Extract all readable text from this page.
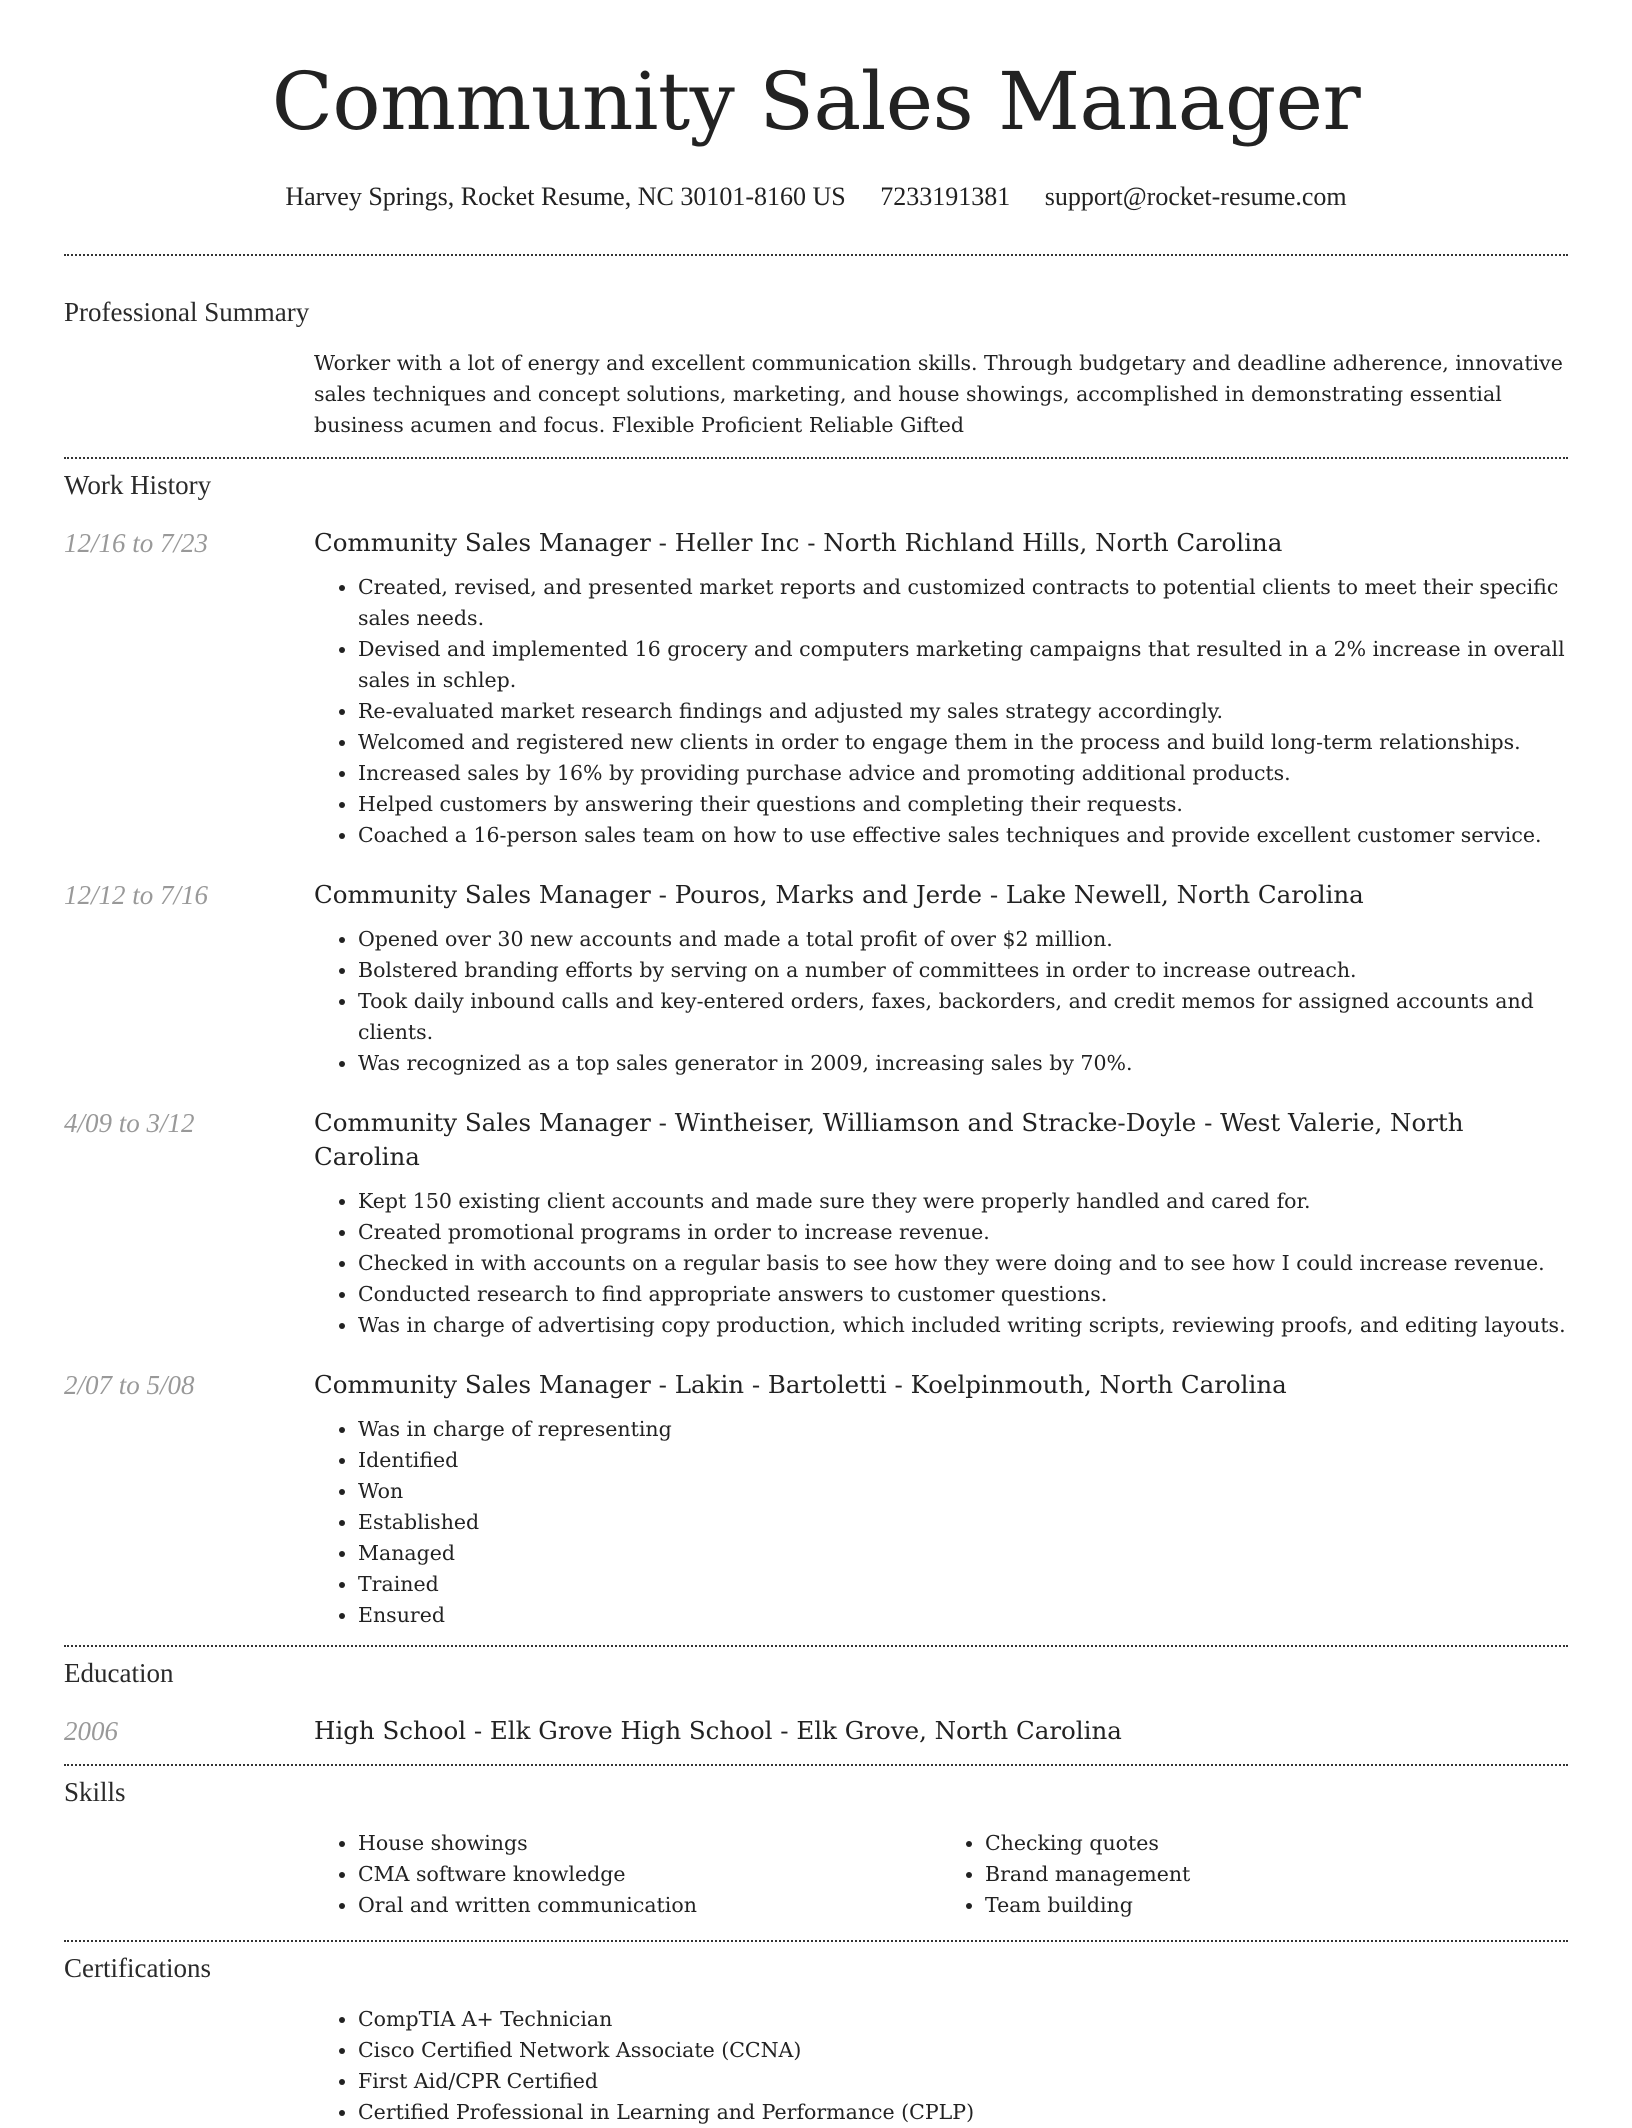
Community Sales Manager
Harvey Springs, Rocket Resume, NC 30101-8160 US 7233191381 support@rocket-resume.com
Professional Summary
Worker with a lot of energy and excellent communication skills. Through budgetary and deadline adherence, innovative sales techniques and concept solutions, marketing, and house showings, accomplished in demonstrating essential business acumen and focus. Flexible Proficient Reliable Gifted
Work History
12/16 to 7/23	Community Sales Manager - Heller Inc - North Richland Hills, North Carolina
• Created, revised, and presented market reports and customized contracts to potential clients to meet their specific sales needs.
• Devised and implemented 16 grocery and computers marketing campaigns that resulted in a 2% increase in overall sales in schlep.
• Re-evaluated market research findings and adjusted my sales strategy accordingly.
• Welcomed and registered new clients in order to engage them in the process and build long-term relationships.
• Increased sales by 16% by providing purchase advice and promoting additional products.
• Helped customers by answering their questions and completing their requests.
• Coached a 16-person sales team on how to use effective sales techniques and provide excellent customer service.
12/12 to 7/16	Community Sales Manager - Pouros, Marks and Jerde - Lake Newell, North Carolina
• Opened over 30 new accounts and made a total profit of over $2 million.
• Bolstered branding efforts by serving on a number of committees in order to increase outreach.
• Took daily inbound calls and key-entered orders, faxes, backorders, and credit memos for assigned accounts and clients.
• Was recognized as a top sales generator in 2009, increasing sales by 70%.
4/09 to 3/12	Community Sales Manager - Wintheiser, Williamson and Stracke-Doyle - West Valerie, North Carolina
• Kept 150 existing client accounts and made sure they were properly handled and cared for.
• Created promotional programs in order to increase revenue.
• Checked in with accounts on a regular basis to see how they were doing and to see how I could increase revenue.
• Conducted research to find appropriate answers to customer questions.
• Was in charge of advertising copy production, which included writing scripts, reviewing proofs, and editing layouts.
2/07 to 5/08	Community Sales Manager - Lakin - Bartoletti - Koelpinmouth, North Carolina
• Was in charge of representing
• Identified
• Won
• Established
• Managed
• Trained
• Ensured
Education
2006	High School - Elk Grove High School - Elk Grove, North Carolina
Skills
• House showings
• CMA software knowledge
• Oral and written communication
• Checking quotes
• Brand management
• Team building
Certifications
• CompTIA A+ Technician
• Cisco Certified Network Associate (CCNA)
• First Aid/CPR Certified
• Certified Professional in Learning and Performance (CPLP)
